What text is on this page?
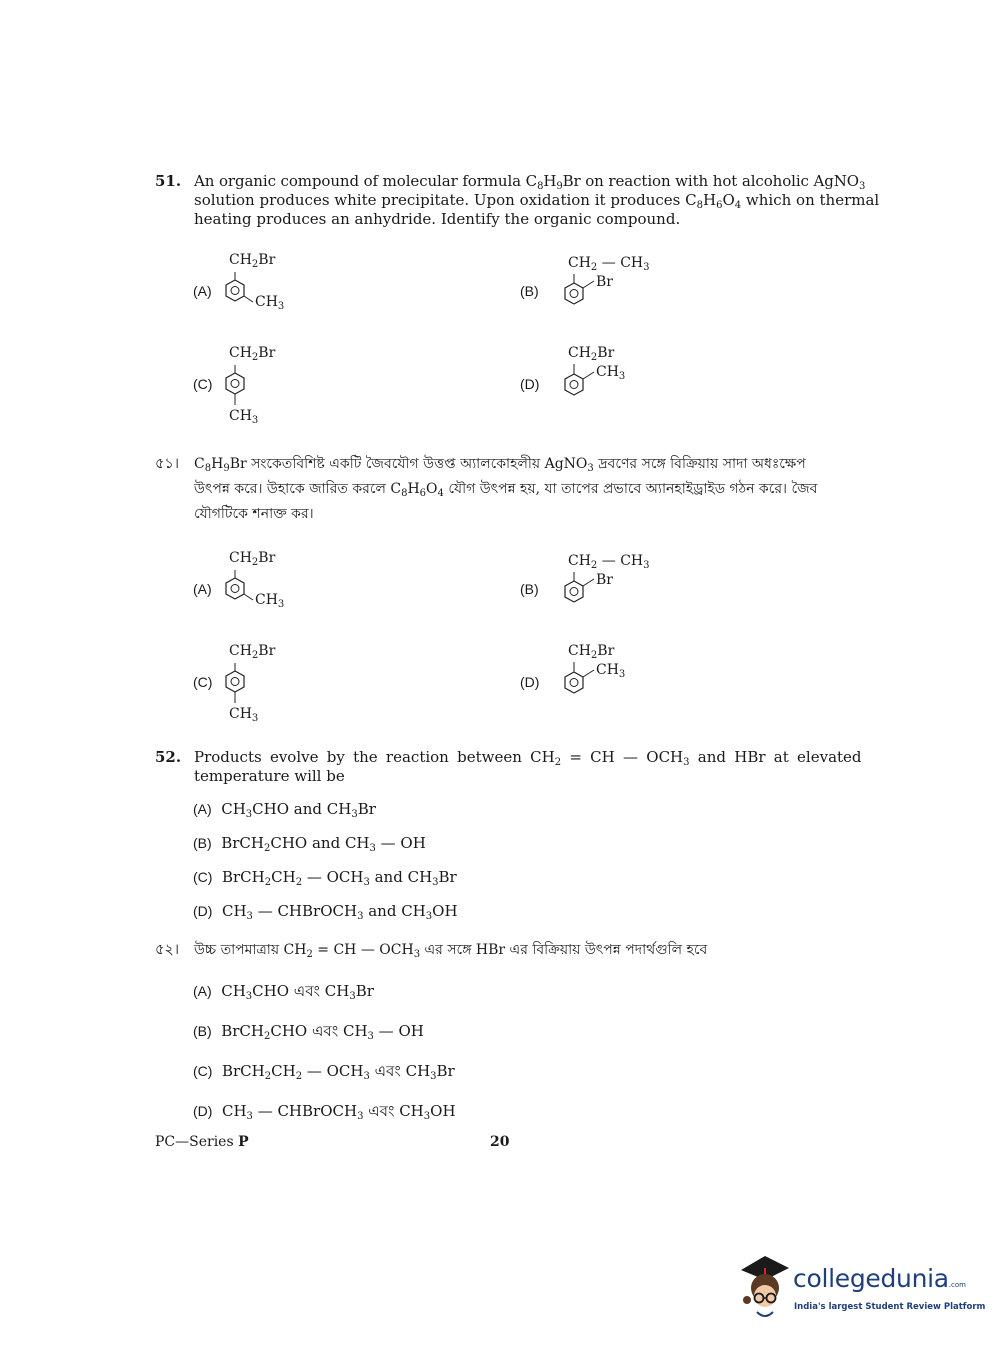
51. An organic compound of molecular formula $C_8H_9Br$ on reaction with hot alcoholic AgNO$_3$
solution produces white precipitate. Upon oxidation it produces $C_8H_6O_4$ which on thermal
heating produces an anhydride. Identify the organic compound.
(A)
$CH_2Br$
$CH_3$
(B)
$CH_2$ — $CH_3$
Br
(C)
$CH_2Br$
$CH_3$
(D)
$CH_2Br$
$CH_3$
৫১। $C_8H_9Br$ সংকেতবিশিষ্ট একটি জৈবযৌগ উত্তপ্ত অ্যালকোহলীয় AgNO$_3$ দ্রবণের সঙ্গে বিক্রিয়ায় সাদা অধঃক্ষেপ
উৎপন্ন করে। উহাকে জারিত করলে $C_8H_6O_4$ যৌগ উৎপন্ন হয়, যা তাপের প্রভাবে অ্যানহাইড্রাইড গঠন করে। জৈব
যৌগটিকে শনাক্ত কর।
(A)
$CH_2Br$
$CH_3$
(B)
$CH_2$ — $CH_3$
Br
(C)
$CH_2Br$
$CH_3$
(D)
$CH_2Br$
$CH_3$
52. Products evolve by the reaction between $CH_2$ = CH — $OCH_3$ and HBr at elevated
temperature will be
(A) $CH_3CHO$ and $CH_3Br$
(B) BrCH$_2$CHO and $CH_3$ — OH
(C) $BrCH_2CH_2$ — $OCH_3$ and $CH_3Br$
(D) $CH_3$ — CHBrOCH$_3$ and $CH_3OH$
৫২। উচ্চ তাপমাত্রায় $CH_2$ = CH — $OCH_3$ এর সঙ্গে HBr এর বিক্রিয়ায় উৎপন্ন পদার্থগুলি হবে
(A) $CH_3CHO$ এবং $CH_3Br$
(B) BrCH$_2$CHO এবং $CH_3$ — OH
(C) $BrCH_2CH_2$ — $OCH_3$ এবং $CH_3Br$
(D) $CH_3$ — CHBrOCH$_3$ এবং $CH_3OH$
PC—Series P	20
collegedunia.com
India's largest Student Review Platform
